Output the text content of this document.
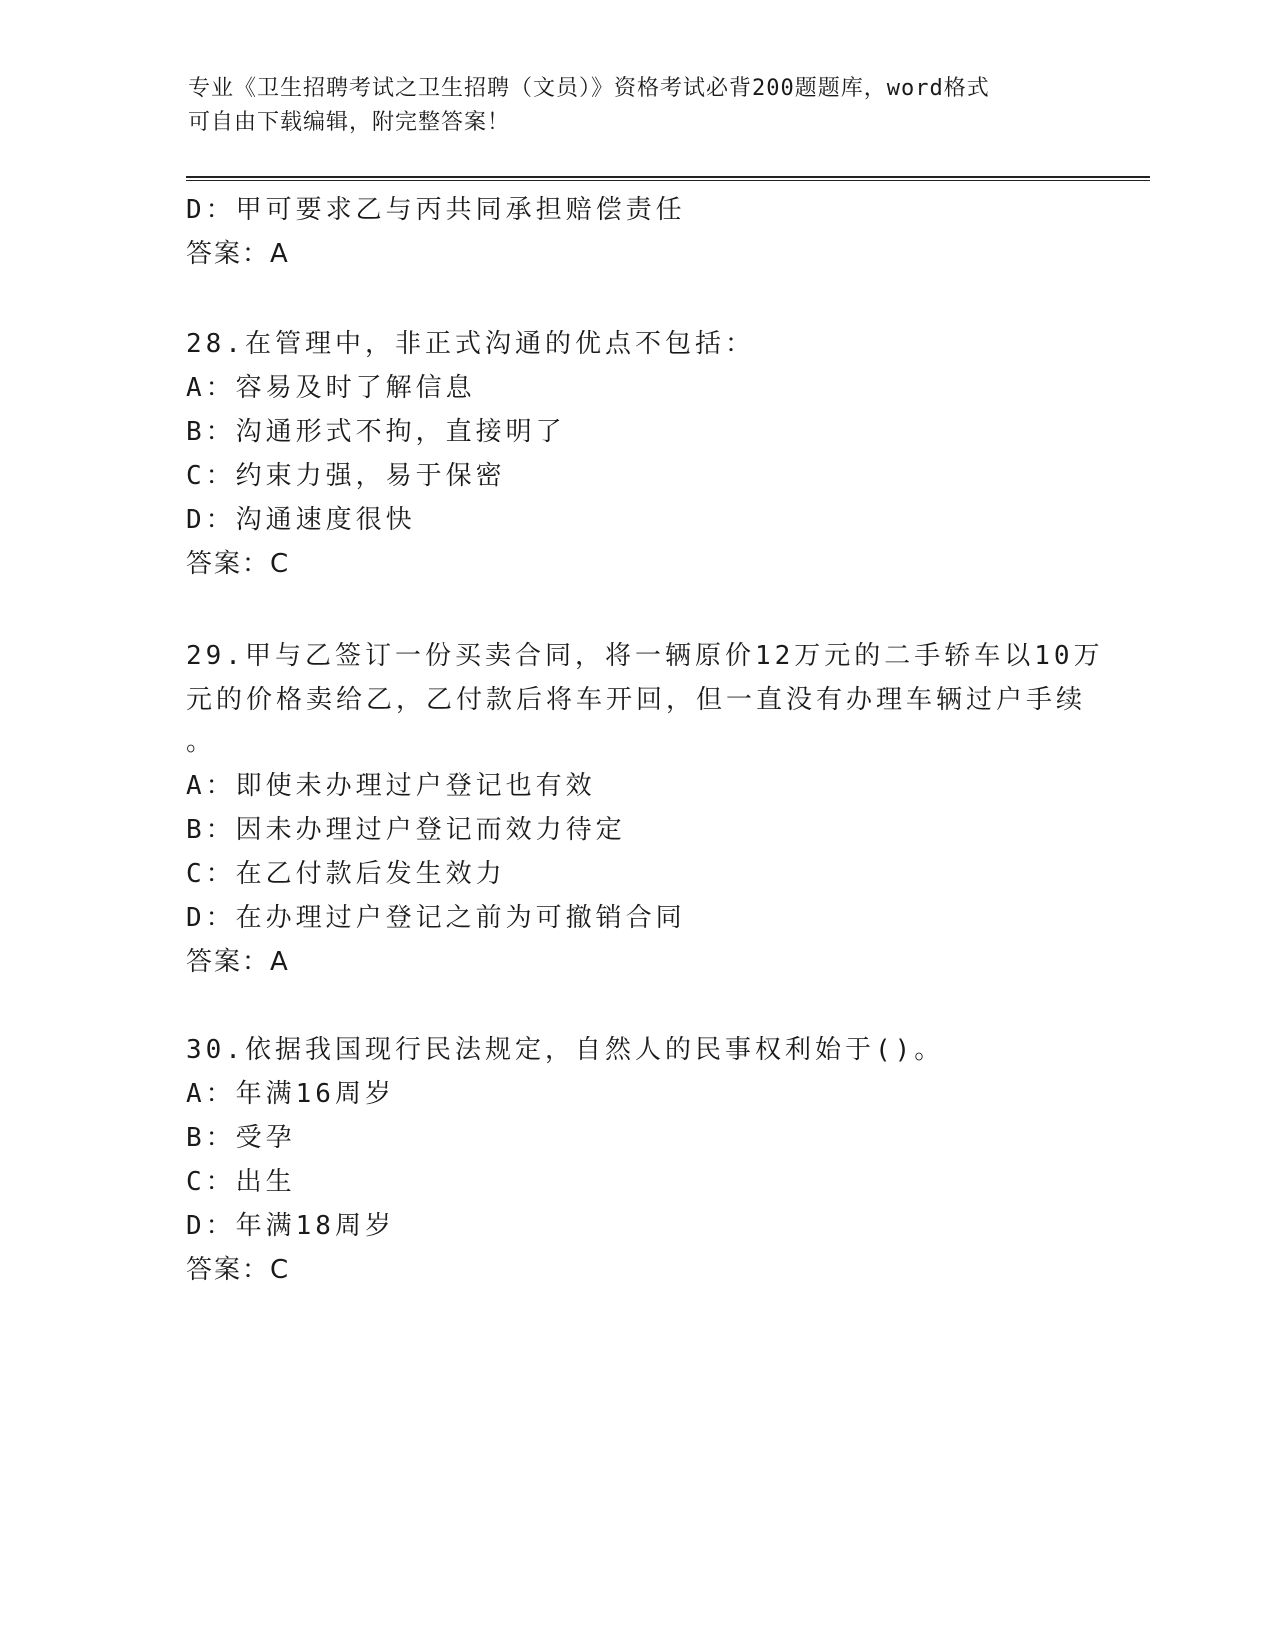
专业《卫生招聘考试之卫生招聘（文员）》资格考试必背200题题库，word格式
可自由下载编辑，附完整答案！
D：甲可要求乙与丙共同承担赔偿责任
答案：A
28.在管理中，非正式沟通的优点不包括：
A：容易及时了解信息
B：沟通形式不拘，直接明了
C：约束力强，易于保密
D：沟通速度很快
答案：C
29.甲与乙签订一份买卖合同，将一辆原价12万元的二手轿车以10万
元的价格卖给乙，乙付款后将车开回，但一直没有办理车辆过户手续
。
A：即使未办理过户登记也有效
B：因未办理过户登记而效力待定
C：在乙付款后发生效力
D：在办理过户登记之前为可撤销合同
答案：A
30.依据我国现行民法规定，自然人的民事权利始于()。
A：年满16周岁
B：受孕
C：出生
D：年满18周岁
答案：C
